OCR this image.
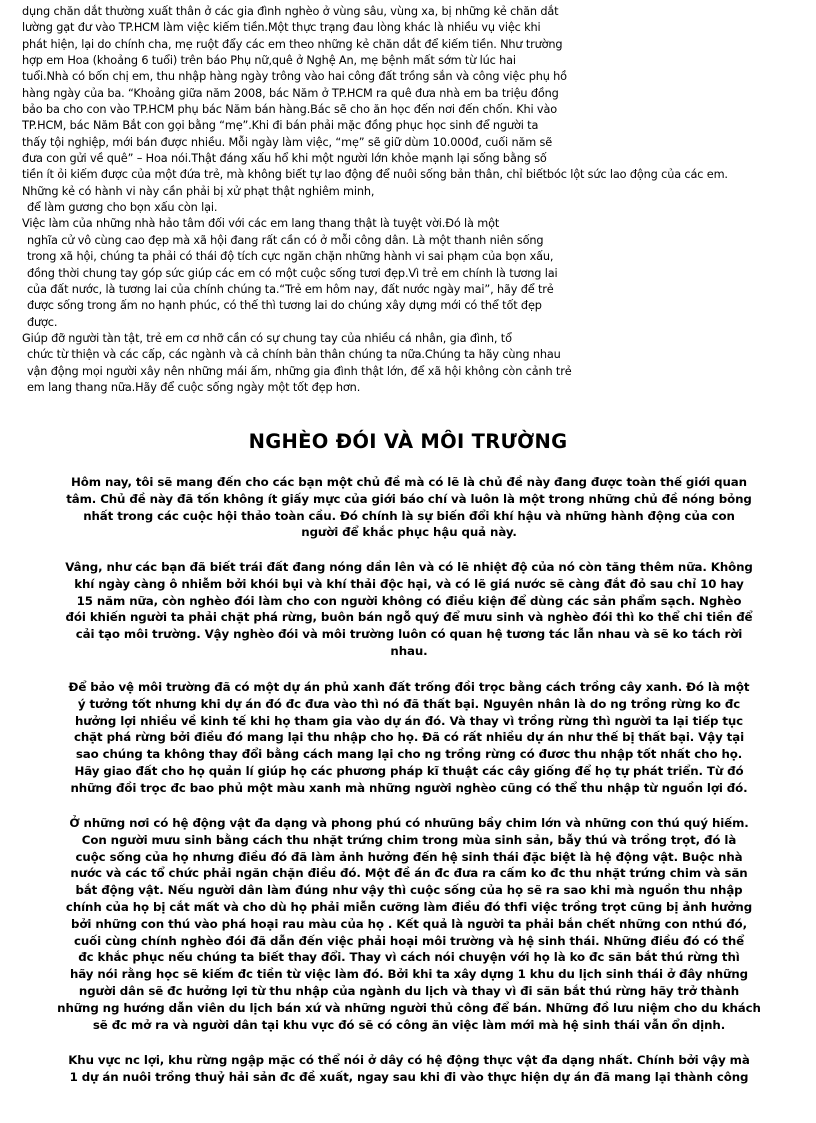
dụng chăn dắt thường xuất thân ở các gia đình nghèo ở vùng sâu, vùng xa, bị những kẻ chăn dắt
lường gạt đư vào TP.HCM làm việc kiếm tiền.Một thực trạng đau lòng khác là nhiều vụ việc khi
phát hiện, lại do chính cha, mẹ ruột đẩy các em theo những kẻ chăn dắt để kiếm tiền. Như trường
hợp em Hoa (khoảng 6 tuổi) trên báo Phụ nữ,quê ở Nghệ An, mẹ bệnh mất sớm từ lúc hai
tuổi.Nhà có bốn chị em, thu nhập hàng ngày trông vào hai công đất trồng sắn và công việc phụ hồ
hàng ngày của ba. “Khoảng giữa năm 2008, bác Năm ở TP.HCM ra quê đưa nhà em ba triệu đồng
bảo ba cho con vào TP.HCM phụ bác Năm bán hàng.Bác sẽ cho ăn học đến nơi đến chốn. Khi vào
TP.HCM, bác Năm Bắt con gọi bằng “mẹ”.Khi đi bán phải mặc đồng phục học sinh để người ta
thấy tội nghiệp, mới bán được nhiều. Mỗi ngày làm việc, “mẹ” sẽ giữ dùm 10.000đ, cuối năm sẽ
đưa con gửi về quê” – Hoa nói.Thật đáng xấu hổ khi một người lớn khỏe mạnh lại sống bằng số
tiền ít ỏi kiếm được của một đứa trẻ, mà không biết tự lao động để nuôi sống bản thân, chỉ biếtbóc lột sức lao động của các em.
Những kẻ có hành vi này cần phải bị xử phạt thật nghiêm minh,
để làm gương cho bọn xấu còn lại.
Việc làm của những nhà hảo tâm đối với các em lang thang thật là tuyệt vời.Đó là một
nghĩa cử vô cùng cao đẹp mà xã hội đang rất cần có ở mỗi công dân. Là một thanh niên sống
trong xã hội, chúng ta phải có thái độ tích cực ngăn chặn những hành vi sai phạm của bọn xấu,
đồng thời chung tay góp sức giúp các em có một cuộc sống tươi đẹp.Vì trẻ em chính là tương lai
của đất nước, là tương lai của chính chúng ta.“Trẻ em hôm nay, đất nước ngày mai”, hãy để trẻ
được sống trong ấm no hạnh phúc, có thế thì tương lai do chúng xây dựng mới có thể tốt đẹp
được.
Giúp đỡ người tàn tật, trẻ em cơ nhỡ cần có sự chung tay của nhiều cá nhân, gia đình, tổ
chức từ thiện và các cấp, các ngành và cả chính bản thân chúng ta nữa.Chúng ta hãy cùng nhau
vận động mọi người xây nên những mái ấm, những gia đình thật lớn, để xã hội không còn cảnh trẻ
em lang thang nữa.Hãy để cuộc sống ngày một tốt đẹp hơn.
NGHÈO ĐÓI VÀ MÔI TRƯỜNG
Hôm nay, tôi sẽ mang đến cho các bạn một chủ đề mà có lẽ là chủ đề này đang được toàn thế giới quan
tâm. Chủ đề này đã tốn không ít giấy mực của giới báo chí và luôn là một trong những chủ đề nóng bỏng
nhất trong các cuộc hội thảo toàn cầu. Đó chính là sự biến đổi khí hậu và những hành động của con
người để khắc phục hậu quả này.
Vâng, như các bạn đã biết trái đất đang nóng dần lên và có lẽ nhiệt độ của nó còn tăng thêm nữa. Không
khí ngày càng ô nhiễm bởi khói bụi và khí thải độc hại, và có lẽ giá nước sẽ càng đắt đỏ sau chỉ 10 hay
15 năm nữa, còn nghèo đói làm cho con người không có điều kiện để dùng các sản phẩm sạch. Nghèo
đói khiến người ta phải chặt phá rừng, buôn bán ngỗ quý để mưu sinh và nghèo đói thì ko thể chi tiền để
cải tạo môi trường. Vậy nghèo đói và môi trường luôn có quan hệ tương tác lẫn nhau và sẽ ko tách rời
nhau.
Để bảo vệ môi trường đã có một dự án phủ xanh đất trống đồi trọc bằng cách trồng cây xanh. Đó là một
ý tưởng tốt nhưng khi dự án đó đc đưa vào thì nó đã thất bại. Nguyên nhân là do ng trồng rừng ko đc
hưởng lợi nhiều về kinh tế khi họ tham gia vào dự án đó. Và thay vì trồng rừng thì người ta lại tiếp tục
chặt phá rừng bởi điều đó mang lại thu nhập cho họ. Đã có rất nhiều dự án như thế bị thất bại. Vậy tại
sao chúng ta không thay đổi bằng cách mang lại cho ng trồng rừng có đươc thu nhập tốt nhất cho họ.
Hãy giao đất cho họ quản lí giúp họ các phương pháp kĩ thuật các cây giống để họ tự phát triển. Từ đó
những đồi trọc đc bao phủ một màu xanh mà những người nghèo cũng có thể thu nhập từ nguồn lợi đó.
Ở những nơi có hệ động vật đa dạng và phong phú có nhưũng bầy chim lớn và những con thú quý hiếm.
Con người mưu sinh bằng cách thu nhặt trứng chim trong mùa sinh sản, bẫy thú và trồng trọt, đó là
cuộc sống của họ nhưng điều đó đã làm ảnh hưởng đến hệ sinh thái đặc biệt là hệ động vật. Buộc nhà
nước và các tổ chức phải ngăn chặn điều đó. Một đề án đc đưa ra cấm ko đc thu nhặt trứng chim và săn
bắt động vật. Nếu người dân làm đúng như vậy thì cuộc sống của họ sẽ ra sao khi mà nguồn thu nhập
chính của họ bị cắt mất và cho dù họ phải miễn cưỡng làm điều đó thfi việc trồng trọt cũng bị ảnh hưởng
bởi những con thú vào phá hoại rau màu của họ . Kết quả là người ta phải bắn chết những con nthú đó,
cuối cùng chính nghèo đói đã dẫn đến việc phải hoại môi trường và hệ sinh thái. Những điều đó có thể
đc khắc phục nếu chúng ta biết thay đổi. Thay vì cách nói chuyện với họ là ko đc săn bắt thú rừng thì
hãy nói rằng học sẽ kiếm đc tiền từ việc làm đó. Bởi khi ta xây dựng 1 khu du lịch sinh thái ở đây những
người dân sẽ đc hưởng lợi từ thu nhập của ngành du lịch và thay vì đi săn bắt thú rừng hãy trở thành
những ng hướng dẫn viên du lịch bán xứ và những người thủ công để bán. Những đồ lưu niệm cho du khách
sẽ đc mở ra và người dân tại khu vực đó sẽ có công ăn việc làm mới mà hệ sinh thái vẫn ổn dịnh.
Khu vực nc lợi, khu rừng ngập mặc có thể nói ở dây có hệ động thực vật đa dạng nhất. Chính bởi vậy mà
1 dự án nuôi trồng thuỷ hải sản đc đề xuất, ngay sau khi đi vào thực hiện dự án đã mang lại thành công
